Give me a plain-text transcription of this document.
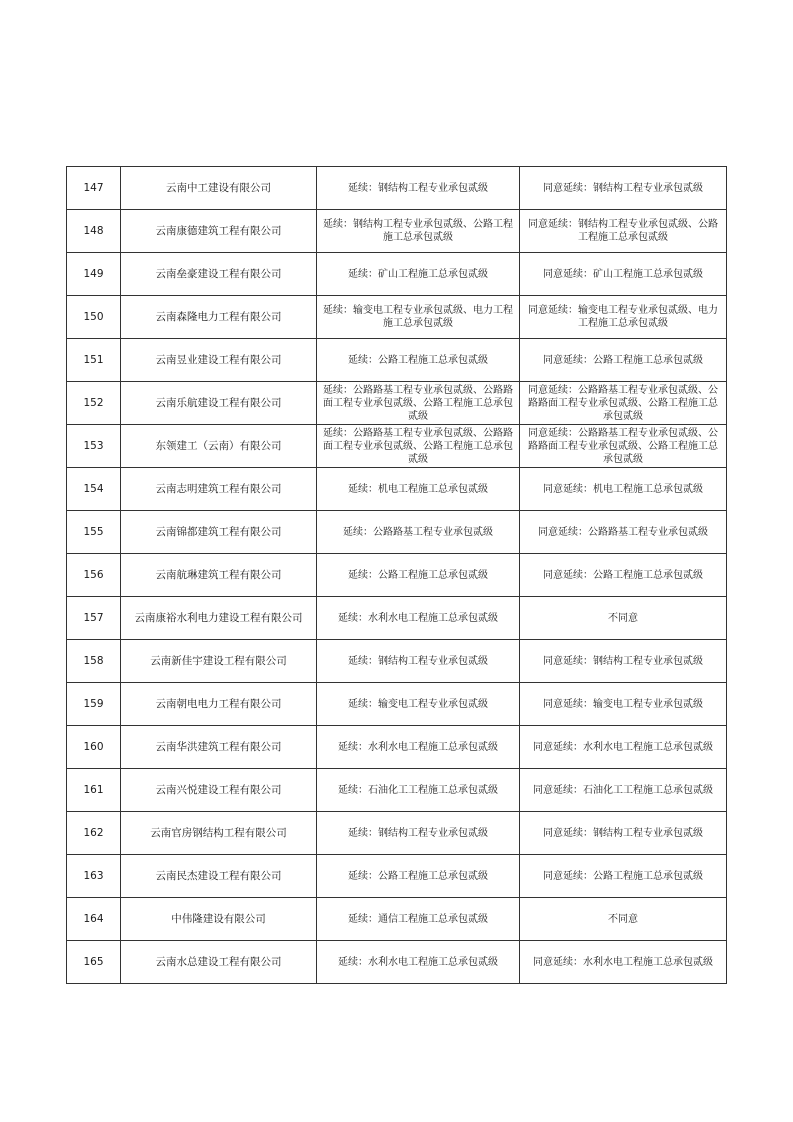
147	云南中工建设有限公司	延续：钢结构工程专业承包贰级	同意延续：钢结构工程专业承包贰级
148	云南康德建筑工程有限公司	延续：钢结构工程专业承包贰级、公路工程施工总承包贰级	同意延续：钢结构工程专业承包贰级、公路工程施工总承包贰级
149	云南垒豪建设工程有限公司	延续：矿山工程施工总承包贰级	同意延续：矿山工程施工总承包贰级
150	云南森隆电力工程有限公司	延续：输变电工程专业承包贰级、电力工程施工总承包贰级	同意延续：输变电工程专业承包贰级、电力工程施工总承包贰级
151	云南昱业建设工程有限公司	延续：公路工程施工总承包贰级	同意延续：公路工程施工总承包贰级
152	云南乐航建设工程有限公司	延续：公路路基工程专业承包贰级、公路路面工程专业承包贰级、公路工程施工总承包贰级	同意延续：公路路基工程专业承包贰级、公路路面工程专业承包贰级、公路工程施工总承包贰级
153	东领建工（云南）有限公司	延续：公路路基工程专业承包贰级、公路路面工程专业承包贰级、公路工程施工总承包贰级	同意延续：公路路基工程专业承包贰级、公路路面工程专业承包贰级、公路工程施工总承包贰级
154	云南志明建筑工程有限公司	延续：机电工程施工总承包贰级	同意延续：机电工程施工总承包贰级
155	云南锦都建筑工程有限公司	延续：公路路基工程专业承包贰级	同意延续：公路路基工程专业承包贰级
156	云南航琳建筑工程有限公司	延续：公路工程施工总承包贰级	同意延续：公路工程施工总承包贰级
157	云南康裕水利电力建设工程有限公司	延续：水利水电工程施工总承包贰级	不同意
158	云南新佳宇建设工程有限公司	延续：钢结构工程专业承包贰级	同意延续：钢结构工程专业承包贰级
159	云南朝电电力工程有限公司	延续：输变电工程专业承包贰级	同意延续：输变电工程专业承包贰级
160	云南华洪建筑工程有限公司	延续：水利水电工程施工总承包贰级	同意延续：水利水电工程施工总承包贰级
161	云南兴悦建设工程有限公司	延续：石油化工工程施工总承包贰级	同意延续：石油化工工程施工总承包贰级
162	云南官房钢结构工程有限公司	延续：钢结构工程专业承包贰级	同意延续：钢结构工程专业承包贰级
163	云南民杰建设工程有限公司	延续：公路工程施工总承包贰级	同意延续：公路工程施工总承包贰级
164	中伟隆建设有限公司	延续：通信工程施工总承包贰级	不同意
165	云南水总建设工程有限公司	延续：水利水电工程施工总承包贰级	同意延续：水利水电工程施工总承包贰级
